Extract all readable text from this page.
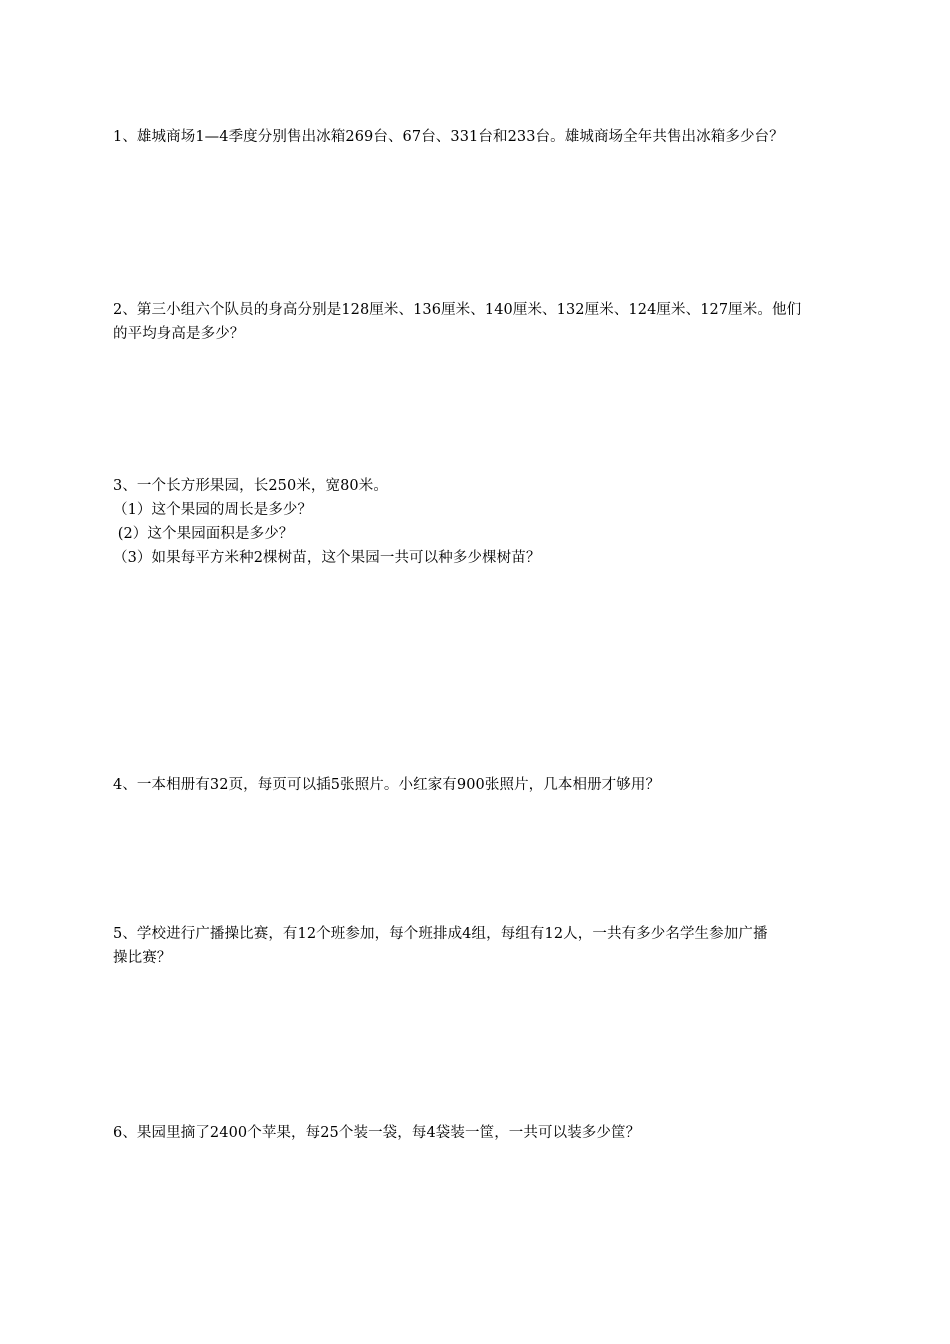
1、雄城商场1—4季度分别售出冰箱269台、67台、331台和233台。雄城商场全年共售出冰箱多少台？

2、第三小组六个队员的身高分别是128厘米、136厘米、140厘米、132厘米、124厘米、127厘米。他们

的平均身高是多少？

3、一个长方形果园，长250米，宽80米。

（1）这个果园的周长是多少？

(2）这个果园面积是多少？

（3）如果每平方米种2棵树苗，这个果园一共可以种多少棵树苗？

4、一本相册有32页，每页可以插5张照片。小红家有900张照片，几本相册才够用？

5、学校进行广播操比赛，有12个班参加，每个班排成4组，每组有12人，一共有多少名学生参加广播

操比赛？

6、果园里摘了2400个苹果，每25个装一袋，每4袋装一筐，一共可以装多少筐？
